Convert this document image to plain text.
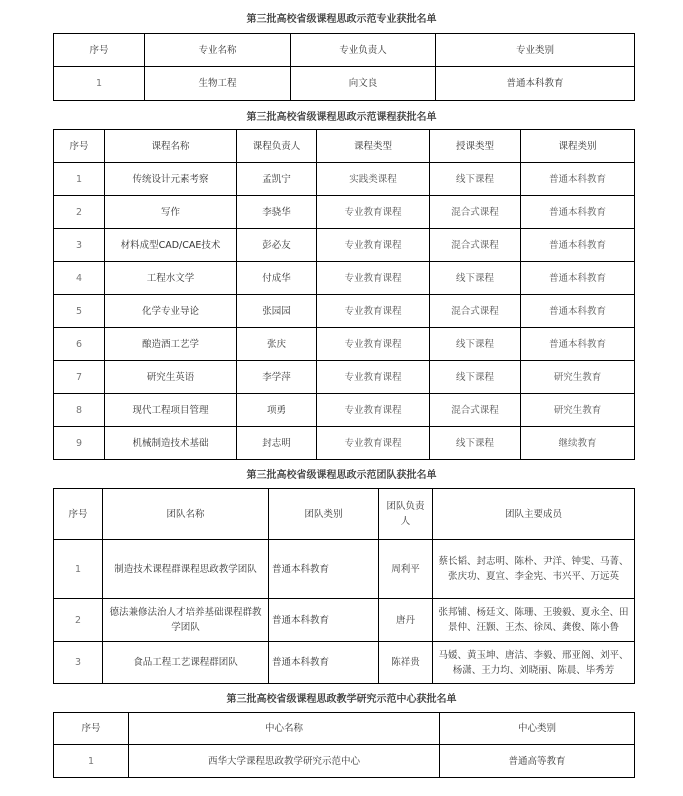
第三批高校省级课程思政示范专业获批名单
序号	专业名称	专业负责人	专业类别
1	生物工程	向文良	普通本科教育
第三批高校省级课程思政示范课程获批名单
序号	课程名称	课程负责人	课程类型	授课类型	课程类别
1	传统设计元素考察	孟凯宁	实践类课程	线下课程	普通本科教育
2	写作	李骁华	专业教育课程	混合式课程	普通本科教育
3	材料成型CAD/CAE技术	彭必友	专业教育课程	混合式课程	普通本科教育
4	工程水文学	付成华	专业教育课程	线下课程	普通本科教育
5	化学专业导论	张园园	专业教育课程	混合式课程	普通本科教育
6	酿造酒工艺学	张庆	专业教育课程	线下课程	普通本科教育
7	研究生英语	李学萍	专业教育课程	线下课程	研究生教育
8	现代工程项目管理	项勇	专业教育课程	混合式课程	研究生教育
9	机械制造技术基础	封志明	专业教育课程	线下课程	继续教育
第三批高校省级课程思政示范团队获批名单
序号	团队名称	团队类别	团队负责人	团队主要成员
1	制造技术课程群课程思政教学团队	普通本科教育	周利平	蔡长韬、封志明、陈朴、尹洋、钟雯、马菁、张庆功、夏宣、李金宪、韦兴平、万远英
2	德法兼修法治人才培养基础课程群教学团队	普通本科教育	唐丹	张邦铺、杨廷文、陈珊、王骏毅、夏永全、田景仲、汪颢、王杰、徐凤、龚俊、陈小鲁
3	食品工程工艺课程群团队	普通本科教育	陈祥贵	马媛、黄玉坤、唐洁、李毅、邢亚阁、刘平、杨潇、王力均、刘晓丽、陈晨、毕秀芳
第三批高校省级课程思政教学研究示范中心获批名单
序号	中心名称	中心类别
1	西华大学课程思政教学研究示范中心	普通高等教育
